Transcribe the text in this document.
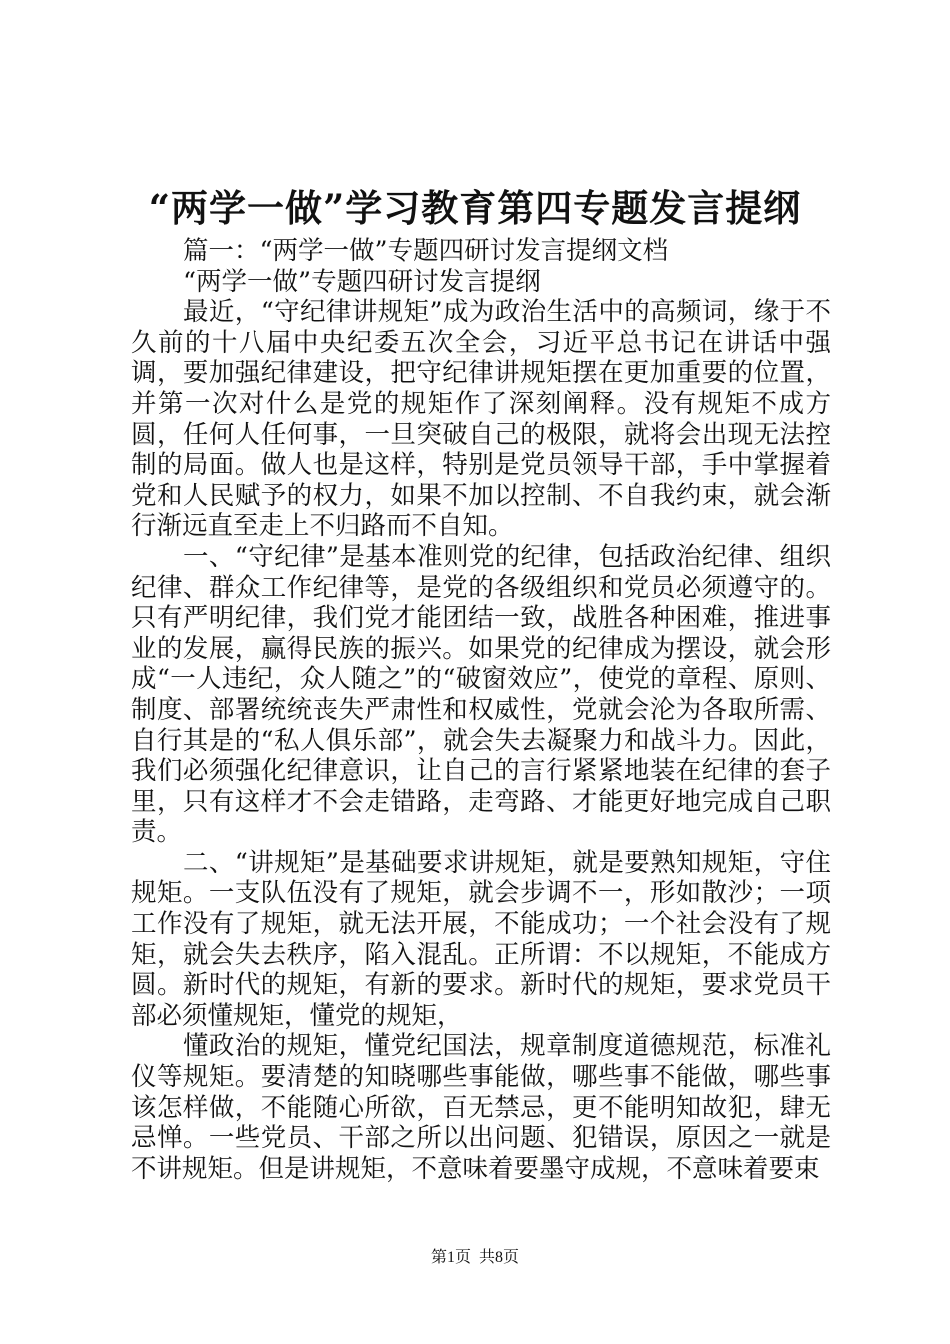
“两学一做”学习教育第四专题发言提纲

篇一：“两学一做”专题四研讨发言提纲文档

“两学一做”专题四研讨发言提纲

最近，“守纪律讲规矩”成为政治生活中的高频词，缘于不久前的十八届中央纪委五次全会，习近平总书记在讲话中强调，要加强纪律建设，把守纪律讲规矩摆在更加重要的位置，并第一次对什么是党的规矩作了深刻阐释。没有规矩不成方圆，任何人任何事，一旦突破自己的极限，就将会出现无法控制的局面。做人也是这样，特别是党员领导干部，手中掌握着党和人民赋予的权力，如果不加以控制、不自我约束，就会渐行渐远直至走上不归路而不自知。

一、“守纪律”是基本准则党的纪律，包括政治纪律、组织纪律、群众工作纪律等，是党的各级组织和党员必须遵守的。只有严明纪律，我们党才能团结一致，战胜各种困难，推进事业的发展，赢得民族的振兴。如果党的纪律成为摆设，就会形成“一人违纪，众人随之”的“破窗效应”，使党的章程、原则、制度、部署统统丧失严肃性和权威性，党就会沦为各取所需、自行其是的“私人俱乐部”，就会失去凝聚力和战斗力。因此，我们必须强化纪律意识，让自己的言行紧紧地装在纪律的套子里，只有这样才不会走错路，走弯路、才能更好地完成自己职责。

二、“讲规矩”是基础要求讲规矩，就是要熟知规矩，守住规矩。一支队伍没有了规矩，就会步调不一，形如散沙；一项工作没有了规矩，就无法开展，不能成功；一个社会没有了规矩，就会失去秩序，陷入混乱。正所谓：不以规矩，不能成方圆。新时代的规矩，有新的要求。新时代的规矩，要求党员干部必须懂规矩，懂党的规矩，

懂政治的规矩，懂党纪国法，规章制度道德规范，标准礼仪等规矩。要清楚的知晓哪些事能做，哪些事不能做，哪些事该怎样做，不能随心所欲，百无禁忌，更不能明知故犯，肆无忌惮。一些党员、干部之所以出问题、犯错误，原因之一就是不讲规矩。但是讲规矩，不意味着要墨守成规，不意味着要束

第1页 共8页
